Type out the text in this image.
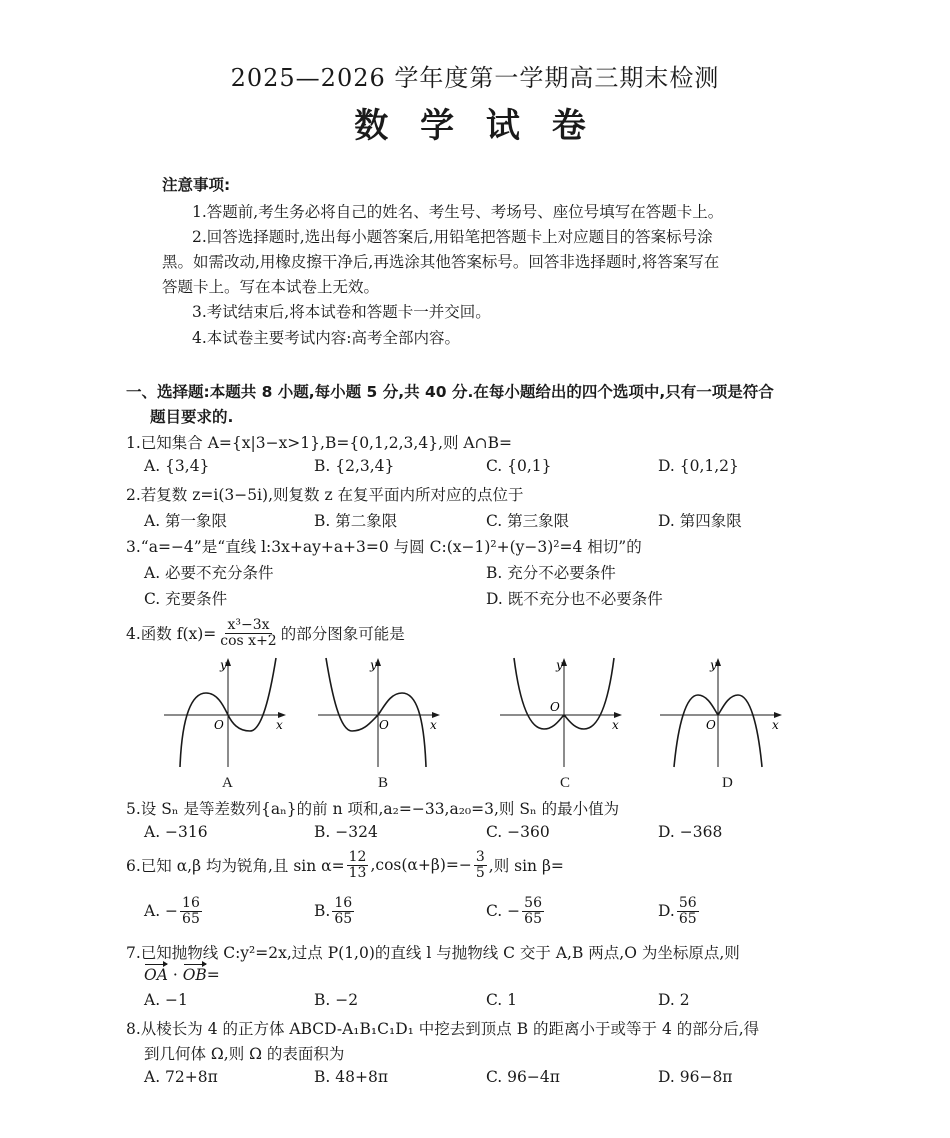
2025—2026 学年度第一学期高三期末检测
数 学 试 卷
注意事项:
1.答题前,考生务必将自己的姓名、考生号、考场号、座位号填写在答题卡上。
2.回答选择题时,选出每小题答案后,用铅笔把答题卡上对应题目的答案标号涂
黑。如需改动,用橡皮擦干净后,再选涂其他答案标号。回答非选择题时,将答案写在
答题卡上。写在本试卷上无效。
3.考试结束后,将本试卷和答题卡一并交回。
4.本试卷主要考试内容:高考全部内容。
一、选择题:本题共 8 小题,每小题 5 分,共 40 分.在每小题给出的四个选项中,只有一项是符合
题目要求的.
1.已知集合 A={x|3−x>1},B={0,1,2,3,4},则 A∩B=
A. {3,4}	B. {2,3,4}	C. {0,1}	D. {0,1,2}
2.若复数 z=i(3−5i),则复数 z 在复平面内所对应的点位于
A. 第一象限	B. 第二象限	C. 第三象限	D. 第四象限
3.“a=−4”是“直线 l:3x+ay+a+3=0 与圆 C:(x−1)²+(y−3)²=4 相切”的
A. 必要不充分条件	B. 充分不必要条件
C. 充要条件	D. 既不充分也不必要条件
4.函数 $f(x)= \frac{\text{x³−3x}}{\text{cos x+2}}$ 的部分图象可能是
y
x
O
y
x
O
y
x
O
y
x
O
A	B	C	D
5.设 Sₙ 是等差数列{aₙ}的前 n 项和,a₂=−33,a₂₀=3,则 Sₙ 的最小值为
A. −316	B. −324	C. −360	D. −368
6.已知 α,β 均为锐角,且 $\sin \alpha= \frac{12}{13} ,\cos(\alpha+\beta)=- \frac{3}{5}$ ,则 sin β=
A. − $\frac{16}{65}$	B. $\frac{16}{65}$	C. − $\frac{56}{65}$	D. $\frac{56}{65}$
7.已知抛物线 C:y²=2x,过点 P(1,0)的直线 l 与抛物线 C 交于 A,B 两点,O 为坐标原点,则
OA · OB=
A. −1	B. −2	C. 1	D. 2
8.从棱长为 4 的正方体 ABCD-A₁B₁C₁D₁ 中挖去到顶点 B 的距离小于或等于 4 的部分后,得
到几何体 Ω,则 Ω 的表面积为
A. 72+8π	B. 48+8π	C. 96−4π	D. 96−8π
